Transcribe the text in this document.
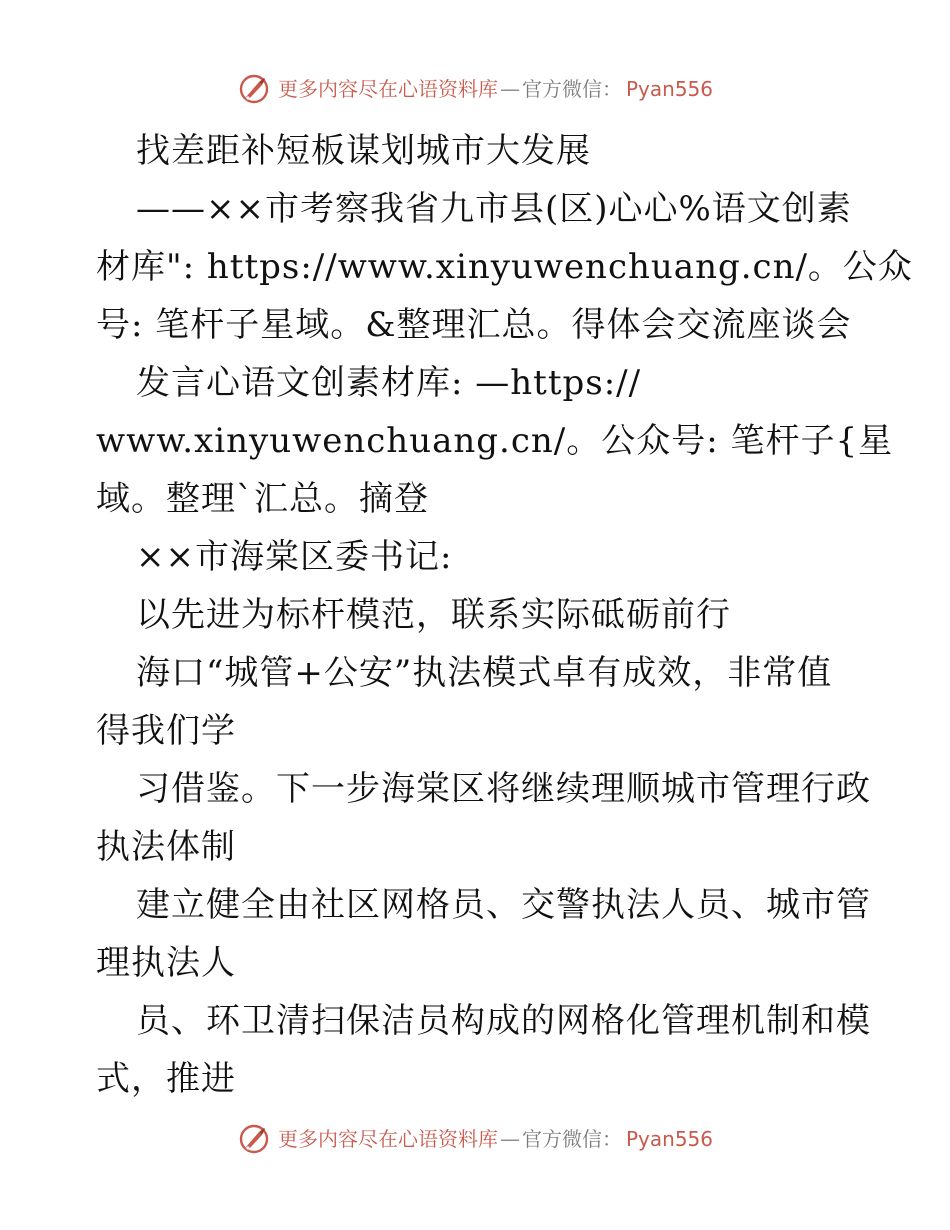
更多内容尽在心语资料库 — 官方微信： Pyan556
找差距补短板谋划城市大发展
——××市考察我省九市县(区)心心%语文创素
材库": https://www.xinyuwenchuang.cn/。公众
号: 笔杆子星域。&整理汇总。得体会交流座谈会
发言心语文创素材库: —https://
www.xinyuwenchuang.cn/。公众号: 笔杆子{星
域。整理`汇总。摘登
××市海棠区委书记:
以先进为标杆模范，联系实际砥砺前行
海口“城管+公安”执法模式卓有成效，非常值
得我们学
习借鉴。下一步海棠区将继续理顺城市管理行政
执法体制
建立健全由社区网格员、交警执法人员、城市管
理执法人
员、环卫清扫保洁员构成的网格化管理机制和模
式，推进
更多内容尽在心语资料库 — 官方微信： Pyan556
